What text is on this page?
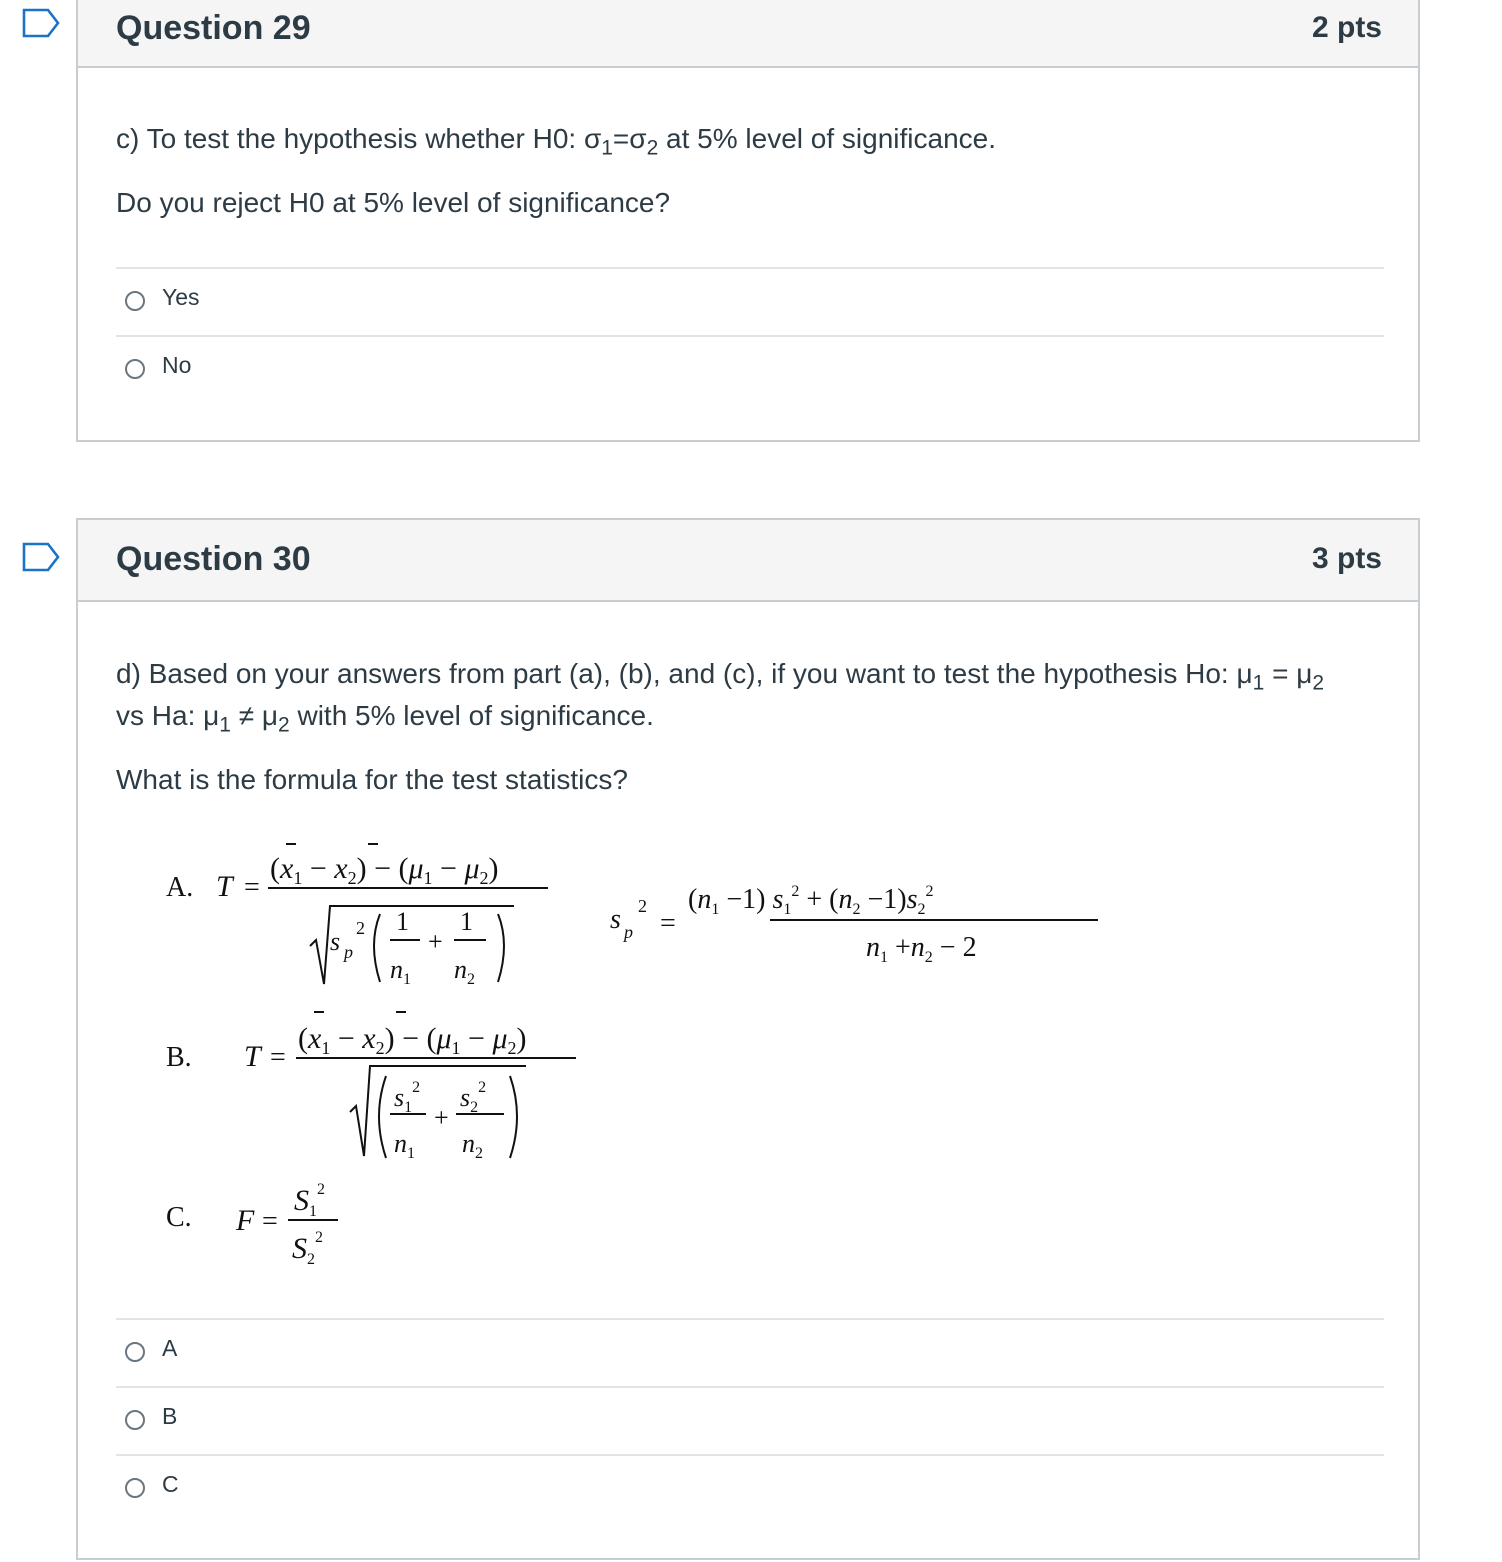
Question 29	2 pts
c) To test the hypothesis whether H0: $\sigma_1=\sigma_2$ at 5% level of significance.
Do you reject H0 at 5% level of significance?
Yes
No
Question 30	3 pts
d) Based on your answers from part (a), (b), and (c), if you want to test the hypothesis Ho: $\mu_1 = \mu_2$
vs Ha: $\mu_1 \ne \mu_2$ with 5% level of significance.
What is the formula for the test statistics?
A. T =
$(x_1 - x_2) - (\mu_1 - \mu_2)$
s p
2 1
$n_1$
+
1
$n_2$
s p
2
=
$(n_1 -1) s_1^2 + (n_2 -1)s_2^2$
$n_1 +n_2 - 2$
B. T =
$(x_1 - x_2) - (\mu_1 - \mu_2)$
$s_1^2$
$n_1$
+
$s_2^2$
$n_2$
C. F =
$S_1^2$
$S_2^2$
A
B
C
